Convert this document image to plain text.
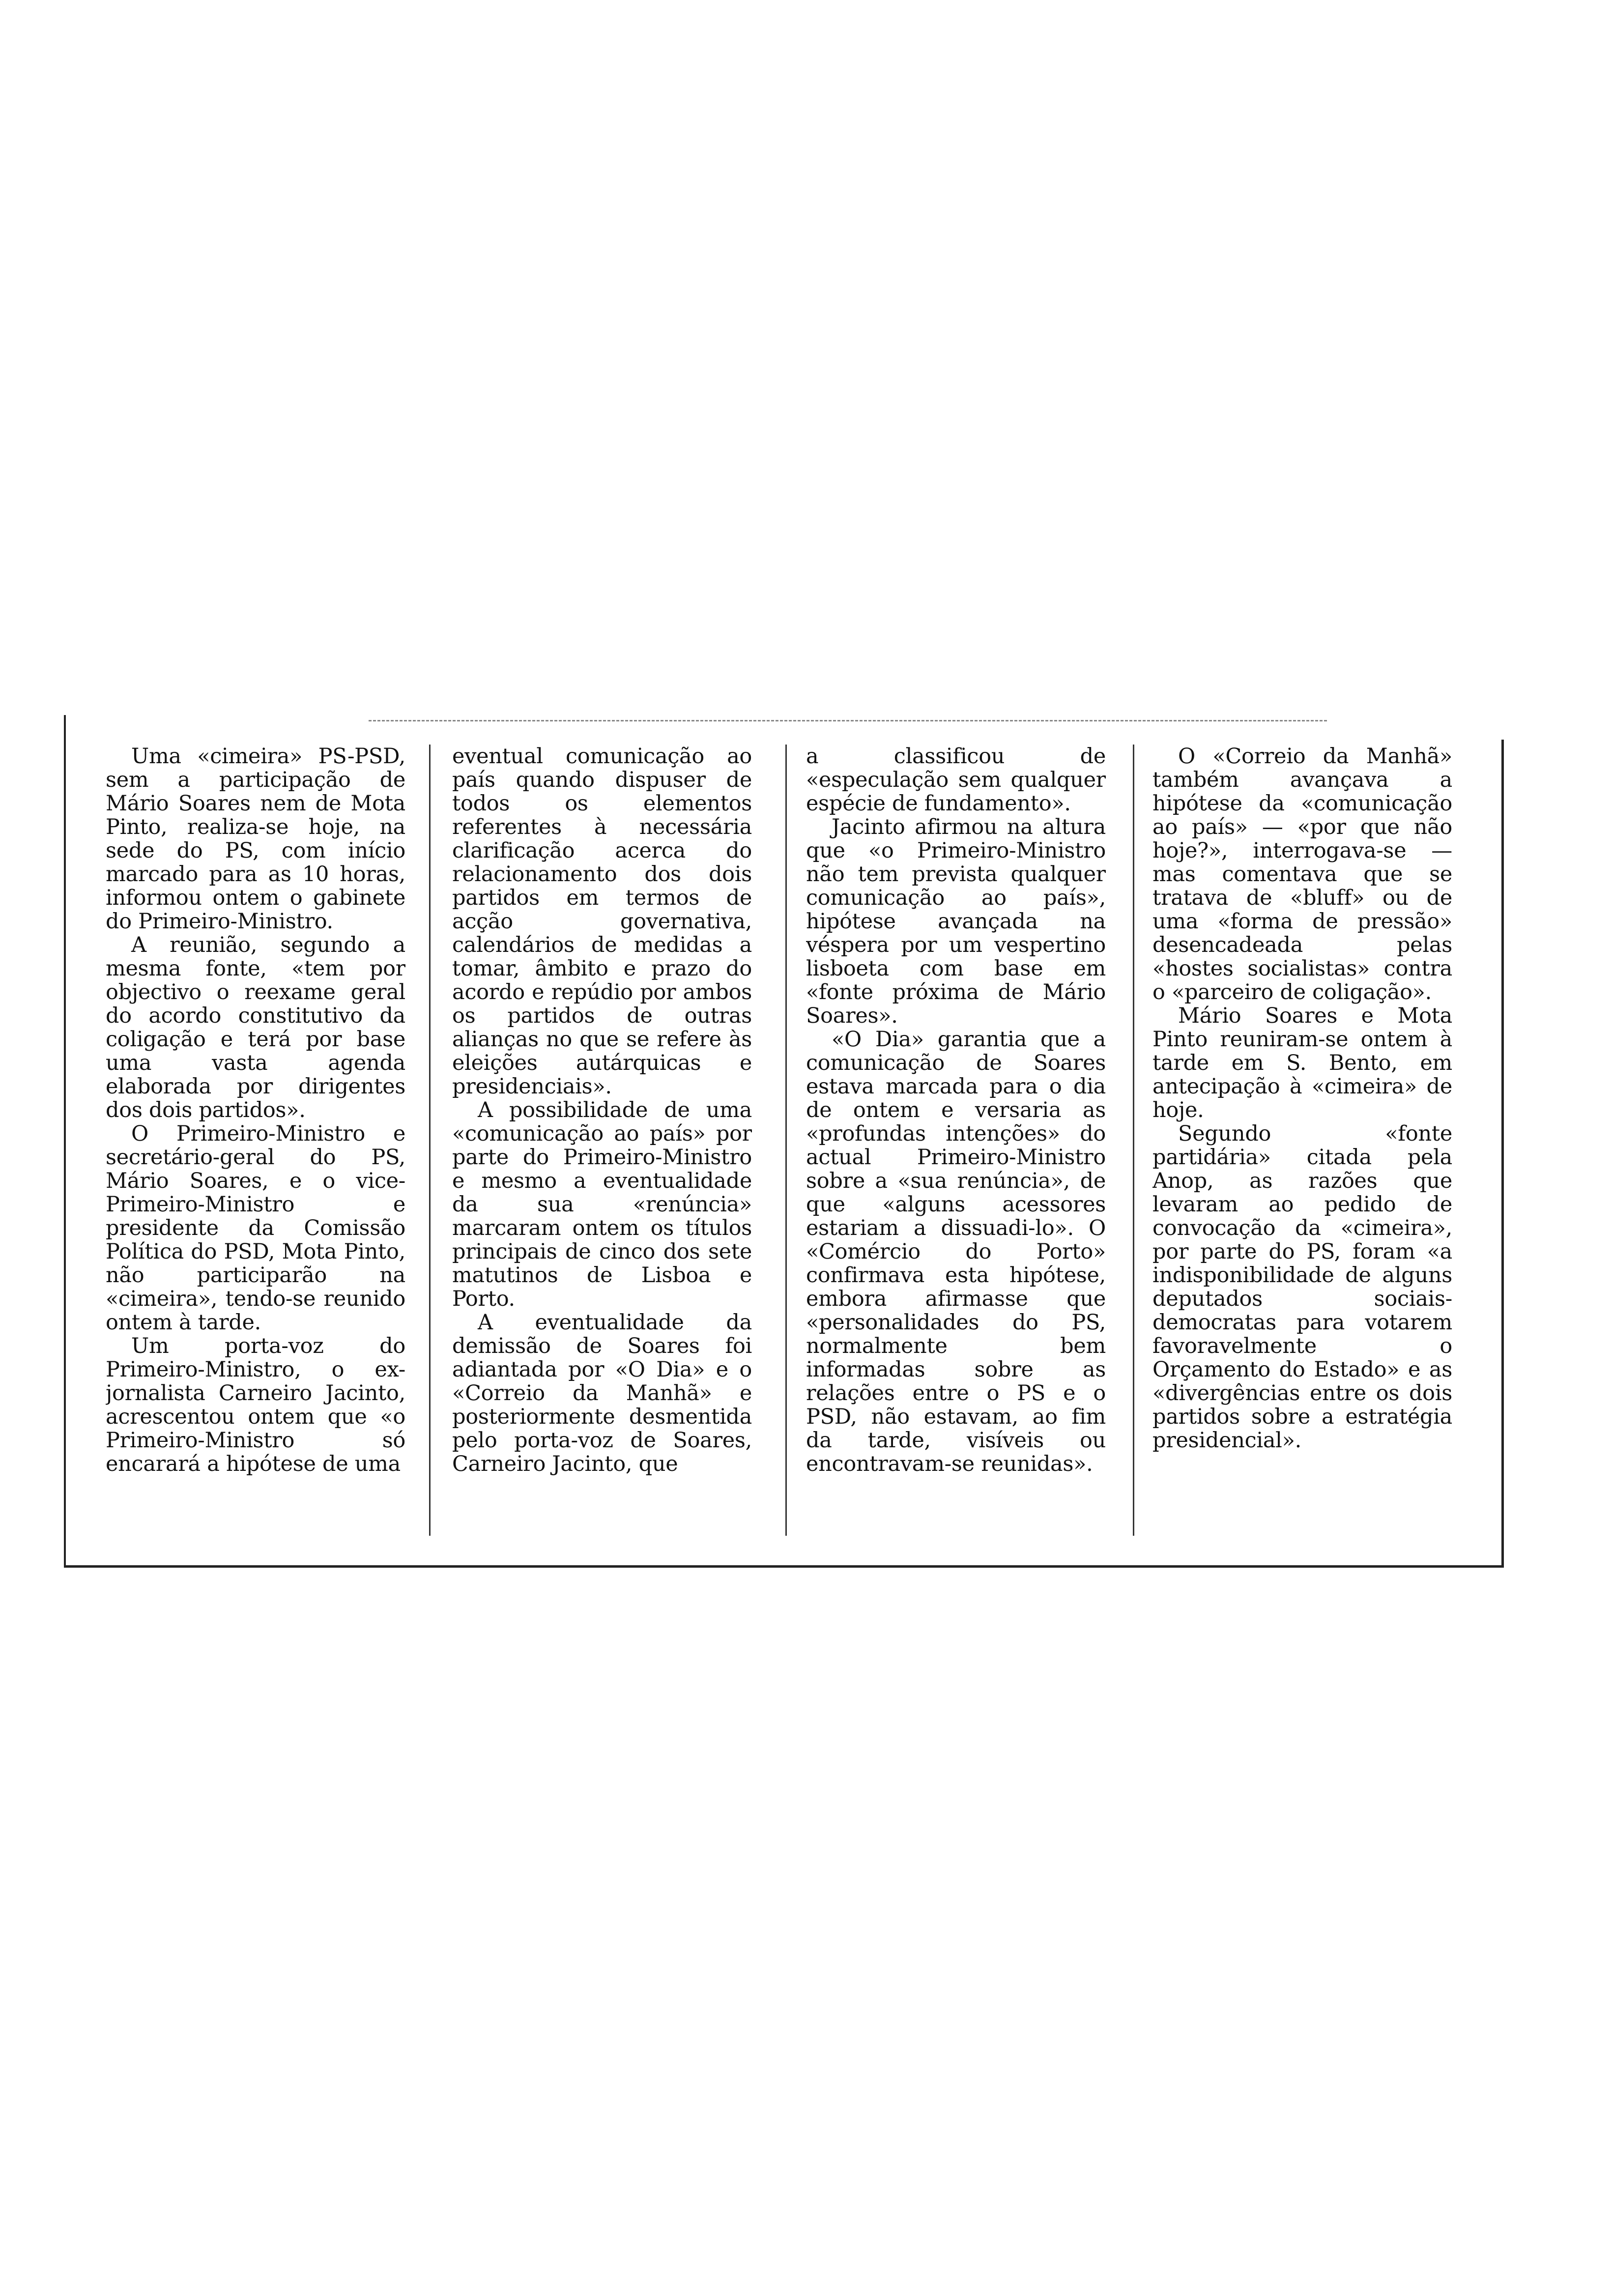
Uma «cimeira» PS-PSD, sem a participação de Mário Soares nem de Mota Pinto, realiza-se hoje, na sede do PS, com início marcado para as 10 horas, informou ontem o gabinete do Primeiro-Ministro.

A reunião, segundo a mesma fonte, «tem por objectivo o reexame geral do acordo constitutivo da coligação e terá por base uma vasta agenda elaborada por dirigentes dos dois partidos».

O Primeiro-Ministro e secretário-geral do PS, Mário Soares, e o vice-Primeiro-Ministro e presidente da Comissão Política do PSD, Mota Pinto, não participarão na «cimeira», tendo-se reunido ontem à tarde.

Um porta-voz do Primeiro-Ministro, o ex-jornalista Carneiro Jacinto, acrescentou ontem que «o Primeiro-Ministro só encarará a hipótese de uma

eventual comunicação ao país quando dispuser de todos os elementos referentes à necessária clarificação acerca do relacionamento dos dois partidos em termos de acção governativa, calendários de medidas a tomar, âmbito e prazo do acordo e repúdio por ambos os partidos de outras alianças no que se refere às eleições autárquicas e presidenciais».

A possibilidade de uma «comunicação ao país» por parte do Primeiro-Ministro e mesmo a eventualidade da sua «renúncia» marcaram ontem os títulos principais de cinco dos sete matutinos de Lisboa e Porto.

A eventualidade da demissão de Soares foi adiantada por «O Dia» e o «Correio da Manhã» e posteriormente desmentida pelo porta-voz de Soares, Carneiro Jacinto, que

a classificou de «especulação sem qualquer espécie de fundamento».

Jacinto afirmou na altura que «o Primeiro-Ministro não tem prevista qualquer comunicação ao país», hipótese avançada na véspera por um vespertino lisboeta com base em «fonte próxima de Mário Soares».

«O Dia» garantia que a comunicação de Soares estava marcada para o dia de ontem e versaria as «profundas intenções» do actual Primeiro-Ministro sobre a «sua renúncia», de que «alguns acessores estariam a dissuadi-lo». O «Comércio do Porto» confirmava esta hipótese, embora afirmasse que «personalidades do PS, normalmente bem informadas sobre as relações entre o PS e o PSD, não estavam, ao fim da tarde, visíveis ou encontravam-se reunidas».

O «Correio da Manhã» também avançava a hipótese da «comunicação ao país» — «por que não hoje?», interrogava-se — mas comentava que se tratava de «bluff» ou de uma «forma de pressão» desencadeada pelas «hostes socialistas» contra o «parceiro de coligação».

Mário Soares e Mota Pinto reuniram-se ontem à tarde em S. Bento, em antecipação à «cimeira» de hoje.

Segundo «fonte partidária» citada pela Anop, as razões que levaram ao pedido de convocação da «cimeira», por parte do PS, foram «a indisponibilidade de alguns deputados sociais-democratas para votarem favoravelmente o Orçamento do Estado» e as «divergências entre os dois partidos sobre a estratégia presidencial».
